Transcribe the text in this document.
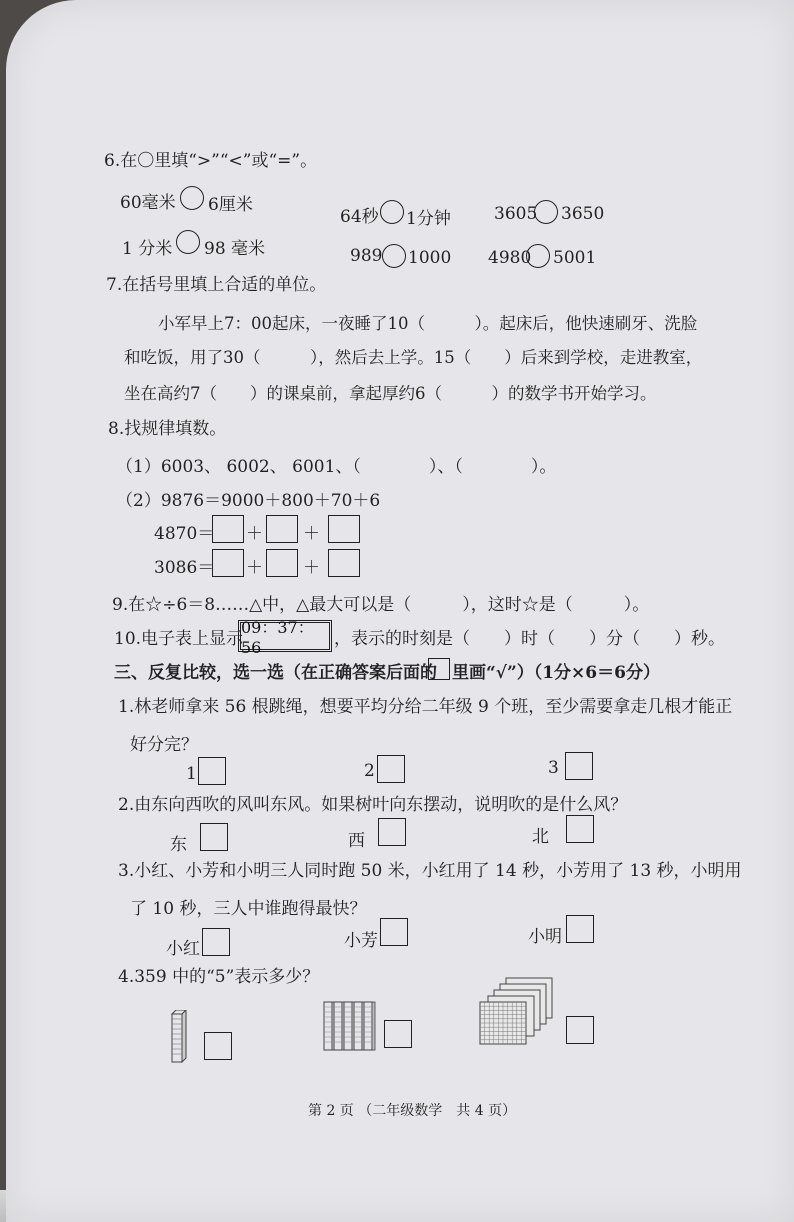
6.在〇里填“>”“<”或“=”。
60毫米 6厘米
64秒 1分钟	3605 3650
1 分米 98 毫米	989 1000 4980 5001
7.在括号里填上合适的单位。
小军早上7：00起床，一夜睡了10（　　　）。起床后，他快速刷牙、洗脸
和吃饭，用了30（　　　），然后去上学。15（　　）后来到学校，走进教室，
坐在高约7（　　）的课桌前，拿起厚约6（　　　）的数学书开始学习。
8.找规律填数。
（1）6003、 6002、 6001、（　　　　）、（　　　　）。
（2）9876＝9000＋800＋70＋6
4870＝ ＋ ＋
3086＝ ＋ ＋
9.在☆÷6＝8……△中，△最大可以是（　　　），这时☆是（　　　）。
10.电子表上显示
09：37：56	，表示的时刻是（　　）时（　　）分（　　）秒。
三、反复比较，选一选（在正确答案后面的 里画“√”）（1分×6＝6分）
1.林老师拿来 56 根跳绳，想要平均分给二年级 9 个班，至少需要拿走几根才能正
好分完？
1	2	3
2.由东向西吹的风叫东风。如果树叶向东摆动，说明吹的是什么风？
东	西	北
3.小红、小芳和小明三人同时跑 50 米，小红用了 14 秒，小芳用了 13 秒，小明用
了 10 秒，三人中谁跑得最快？
小红	小芳	小明
4.359 中的“5”表示多少？
第 2 页 （二年级数学　共 4 页）
